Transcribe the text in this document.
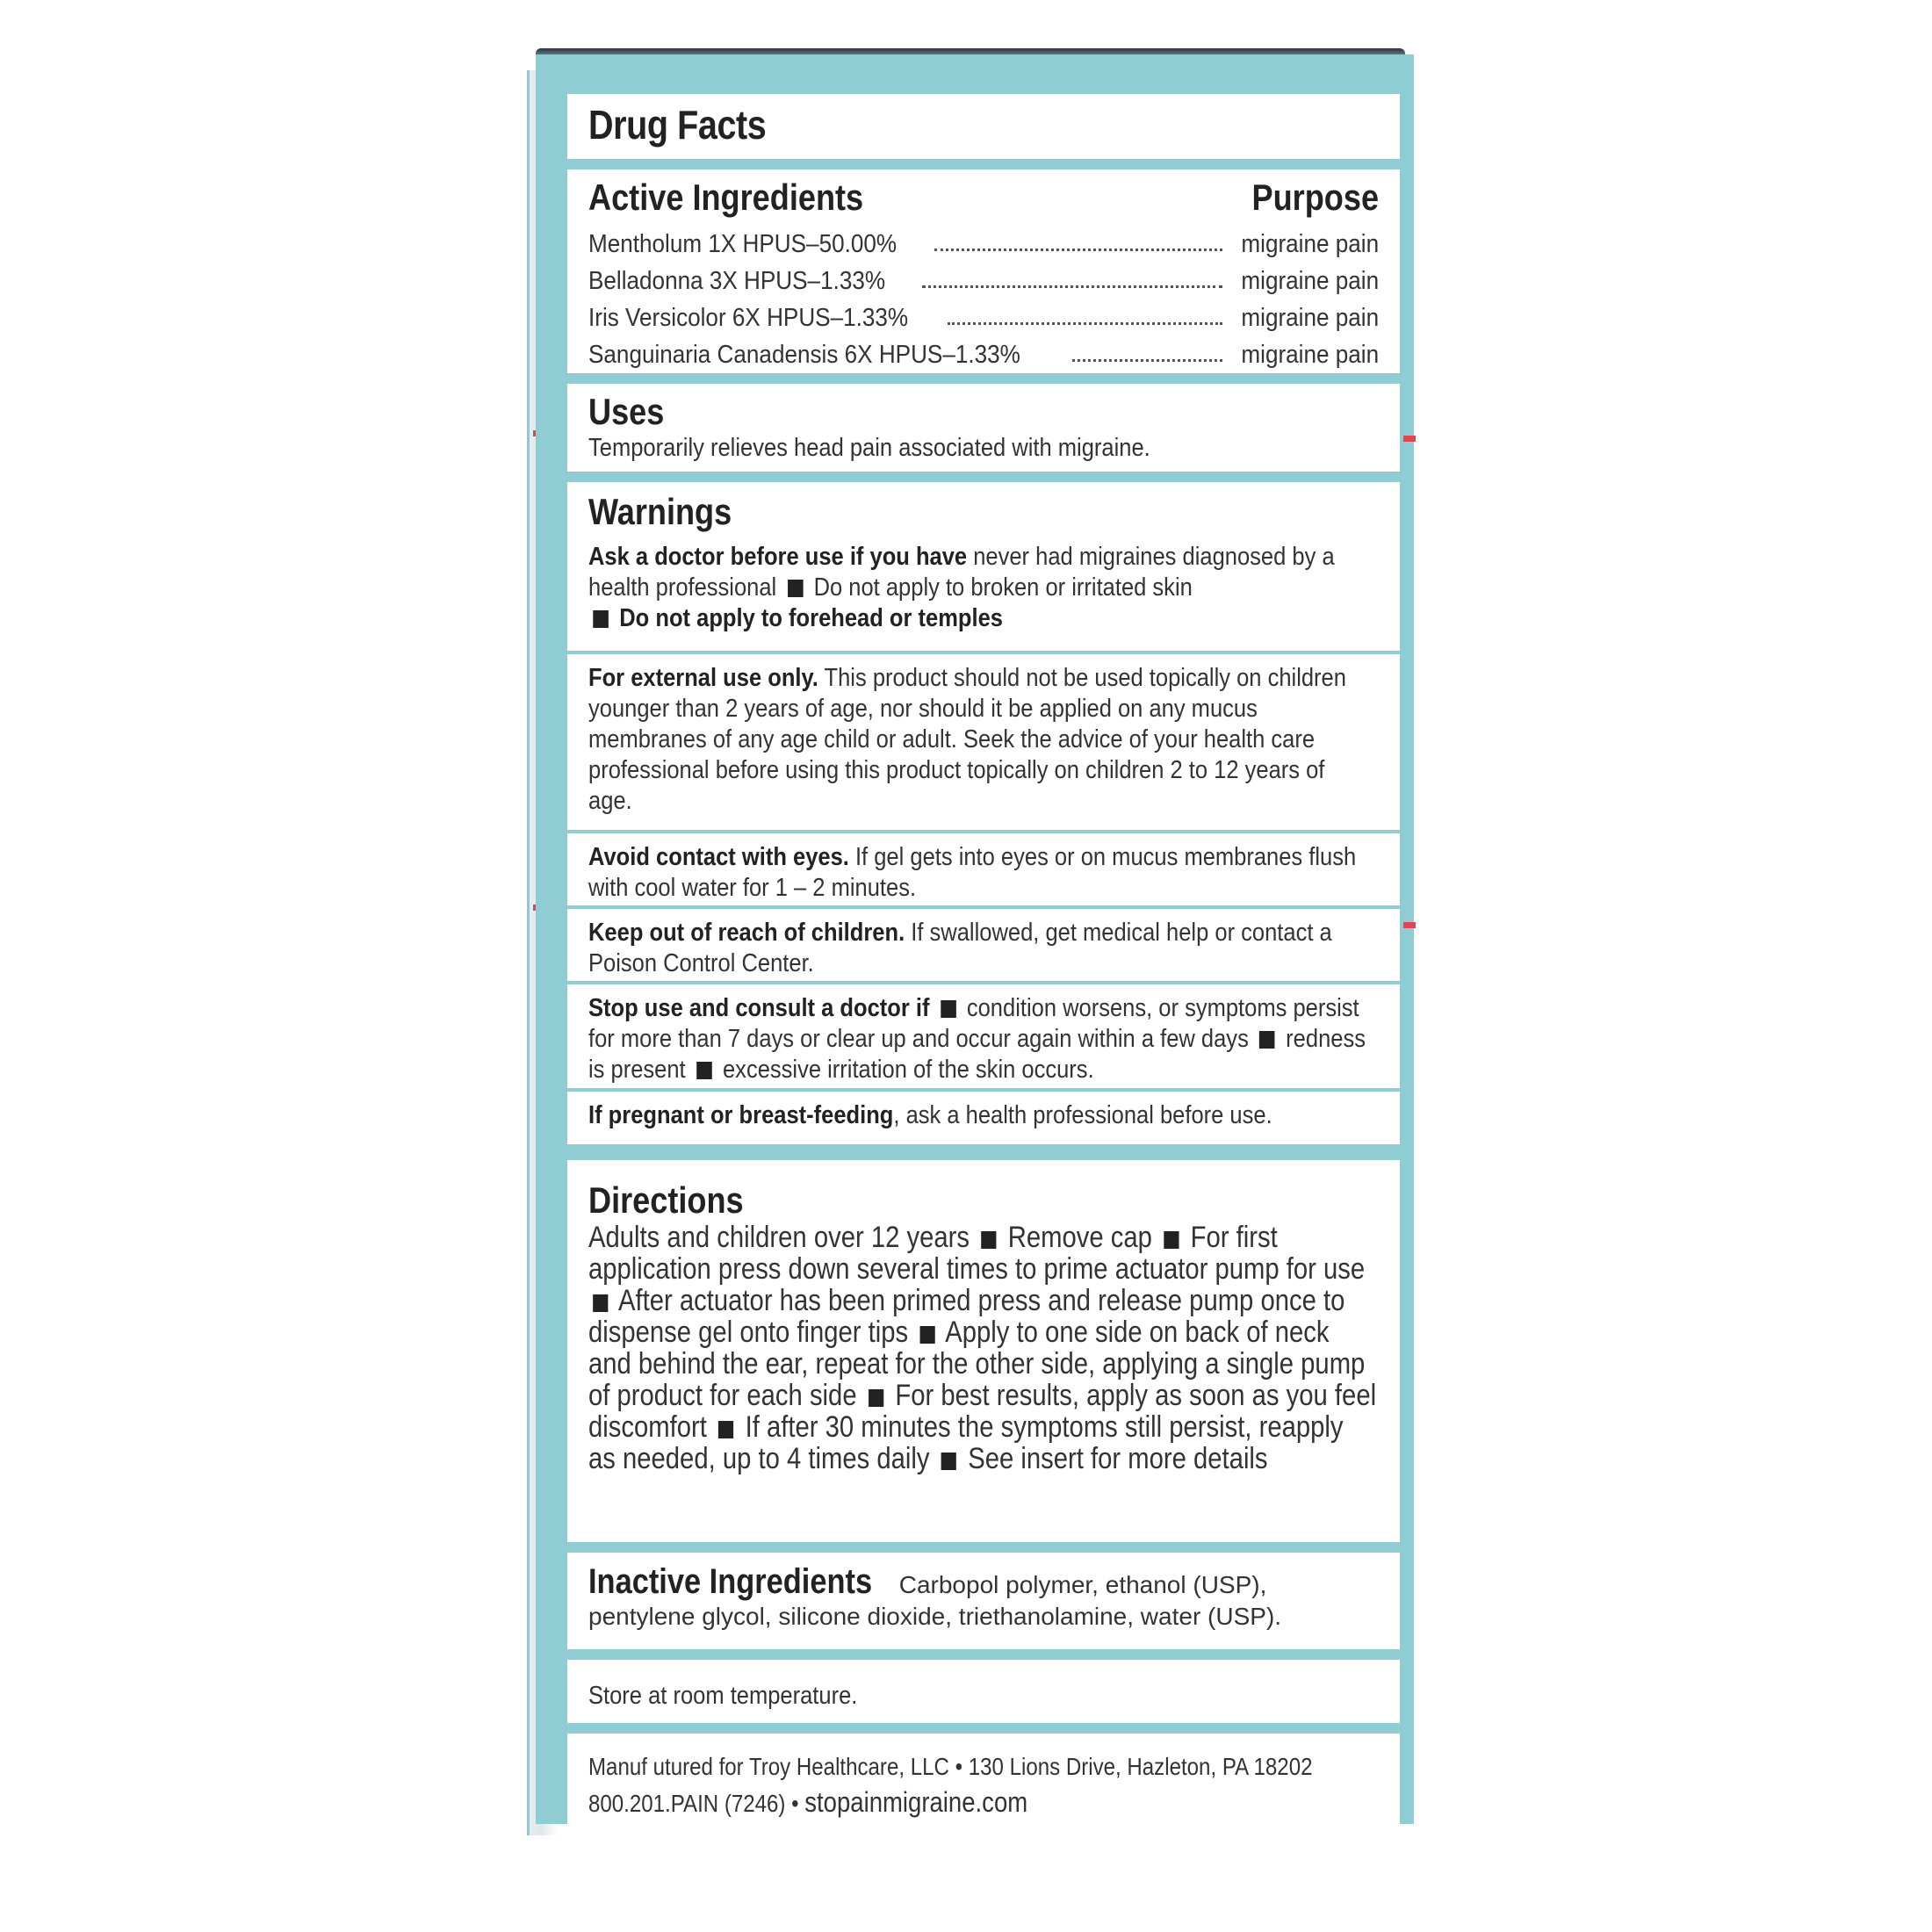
Drug Facts
Active Ingredients	Purpose
Mentholum 1X HPUS–50.00%	migraine pain
Belladonna 3X HPUS–1.33%	migraine pain
Iris Versicolor 6X HPUS–1.33%	migraine pain
Sanguinaria Canadensis 6X HPUS–1.33%	migraine pain
Uses
Temporarily relieves head pain associated with migraine.
Warnings
Ask a doctor before use if you have never had migraines diagnosed by a health professional  Do not apply to broken or irritated skin
Do not apply to forehead or temples
For external use only. This product should not be used topically on children younger than 2 years of age, nor should it be applied on any mucus membranes of any age child or adult. Seek the advice of your health care professional before using this product topically on children 2 to 12 years of age.
Avoid contact with eyes. If gel gets into eyes or on mucus membranes flush with cool water for 1 – 2 minutes.
Keep out of reach of children. If swallowed, get medical help or contact a Poison Control Center.
Stop use and consult a doctor if  condition worsens, or symptoms persist for more than 7 days or clear up and occur again within a few days  redness is present  excessive irritation of the skin occurs.
If pregnant or breast-feeding, ask a health professional before use.
Directions
Adults and children over 12 years  Remove cap  For first application press down several times to prime actuator pump for use  After actuator has been primed press and release pump once to dispense gel onto finger tips  Apply to one side on back of neck and behind the ear, repeat for the other side, applying a single pump of product for each side  For best results, apply as soon as you feel discomfort  If after 30 minutes the symptoms still persist, reapply as needed, up to 4 times daily  See insert for more details
Inactive Ingredients Carbopol polymer, ethanol (USP), pentylene glycol, silicone dioxide, triethanolamine, water (USP).
Store at room temperature.
Manuf utured for Troy Healthcare, LLC • 130 Lions Drive, Hazleton, PA 18202
800.201.PAIN (7246) • stopainmigraine.com
